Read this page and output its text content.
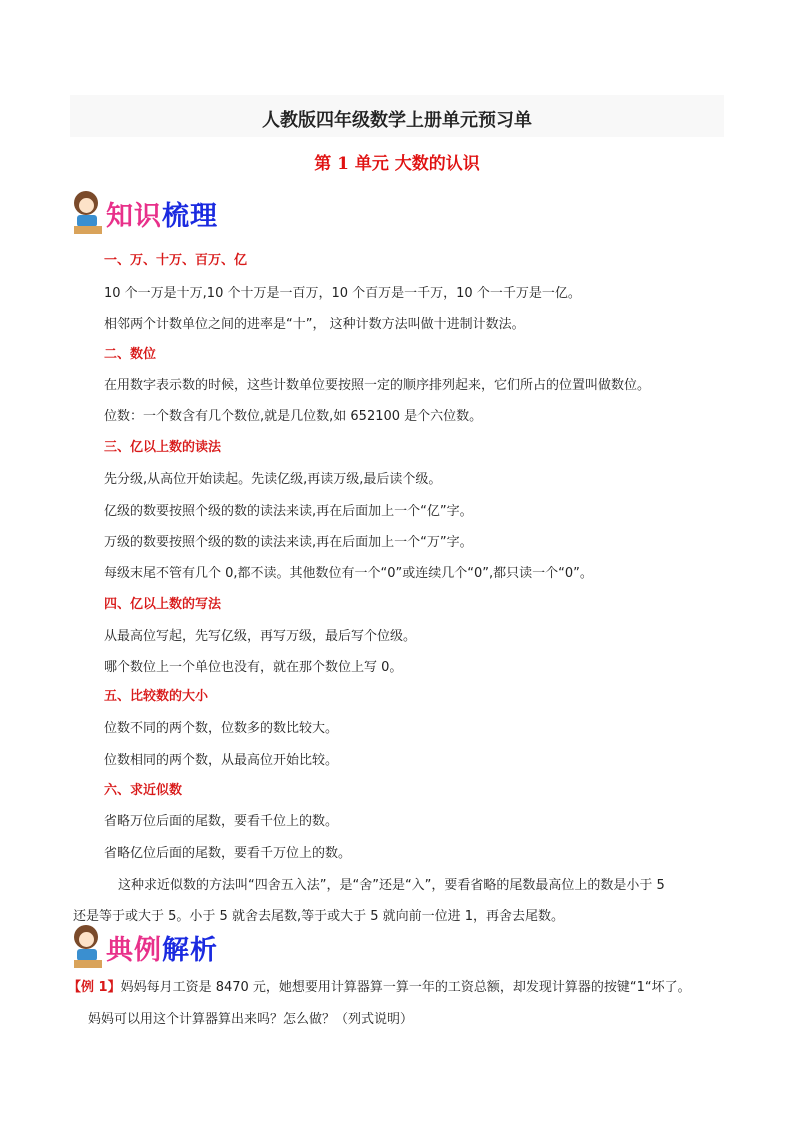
人教版四年级数学上册单元预习单
第 1 单元 大数的认识
知识梳理
一、万、十万、百万、亿
10 个一万是十万,10 个十万是一百万，10 个百万是一千万，10 个一千万是一亿。
相邻两个计数单位之间的进率是“十”， 这种计数方法叫做十进制计数法。
二、数位
在用数字表示数的时候，这些计数单位要按照一定的顺序排列起来，它们所占的位置叫做数位。
位数：一个数含有几个数位,就是几位数,如 652100 是个六位数。
三、亿以上数的读法
先分级,从高位开始读起。先读亿级,再读万级,最后读个级。
亿级的数要按照个级的数的读法来读,再在后面加上一个“亿”字。
万级的数要按照个级的数的读法来读,再在后面加上一个“万”字。
每级末尾不管有几个 0,都不读。其他数位有一个“0”或连续几个“0”,都只读一个“0”。
四、亿以上数的写法
从最高位写起，先写亿级，再写万级，最后写个位级。
哪个数位上一个单位也没有，就在那个数位上写 0。
五、比较数的大小
位数不同的两个数，位数多的数比较大。
位数相同的两个数，从最高位开始比较。
六、求近似数
省略万位后面的尾数，要看千位上的数。
省略亿位后面的尾数，要看千万位上的数。
这种求近似数的方法叫“四舍五入法”，是“舍”还是“入”，要看省略的尾数最高位上的数是小于 5
还是等于或大于 5。小于 5 就舍去尾数,等于或大于 5 就向前一位进 1，再舍去尾数。
典例解析
【例 1】妈妈每月工资是 8470 元，她想要用计算器算一算一年的工资总额，却发现计算器的按键“1“坏了。
妈妈可以用这个计算器算出来吗？怎么做？（列式说明）
